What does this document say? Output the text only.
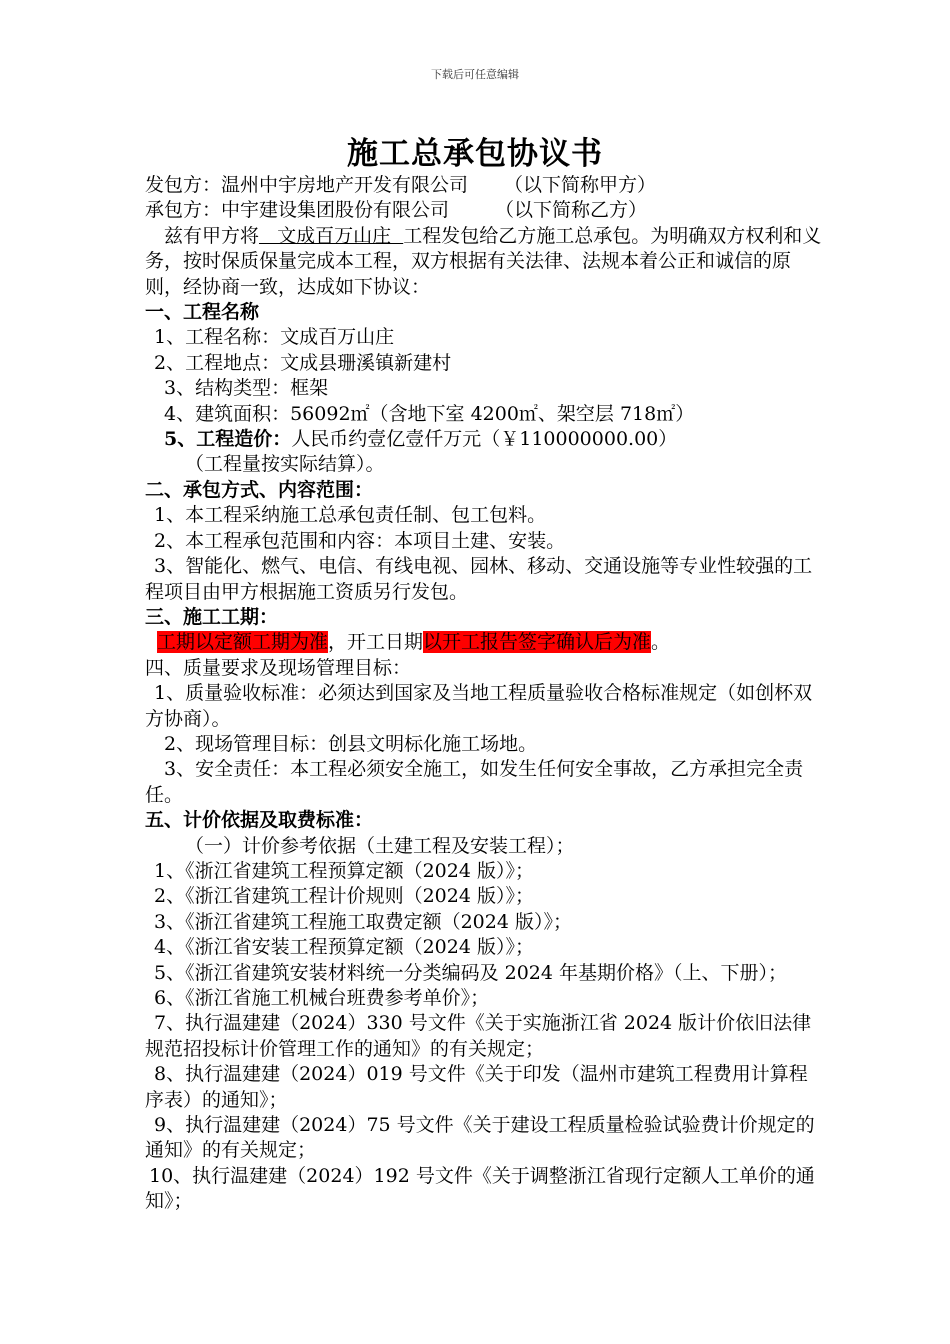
下载后可任意编辑
施工总承包协议书
发包方：温州中宇房地产开发有限公司 （以下简称甲方）
承包方：中宇建设集团股份有限公司 （以下简称乙方）
兹有甲方将   文成百万山庄  工程发包给乙方施工总承包。为明确双方权利和义务，按时保质保量完成本工程，双方根据有关法律、法规本着公正和诚信的原则，经协商一致，达成如下协议：
一、工程名称
1、工程名称：文成百万山庄
2、工程地点：文成县珊溪镇新建村
3、结构类型：框架
4、建筑面积：56092㎡（含地下室 4200㎡、架空层 718㎡）
5、工程造价：人民币约壹亿壹仟万元（￥110000000.00）
（工程量按实际结算）。
二、承包方式、内容范围：
1、本工程采纳施工总承包责任制、包工包料。
2、本工程承包范围和内容：本项目土建、安装。
3、智能化、燃气、电信、有线电视、园林、移动、交通设施等专业性较强的工程项目由甲方根据施工资质另行发包。
三、施工工期：
工期以定额工期为准，开工日期以开工报告签字确认后为准。
四、质量要求及现场管理目标：
1、质量验收标准：必须达到国家及当地工程质量验收合格标准规定（如创杯双方协商）。
2、现场管理目标：创县文明标化施工场地。
3、安全责任：本工程必须安全施工，如发生任何安全事故，乙方承担完全责任。
五、计价依据及取费标准：
（一）计价参考依据（土建工程及安装工程）；
1、《浙江省建筑工程预算定额（2024 版）》；
2、《浙江省建筑工程计价规则（2024 版）》；
3、《浙江省建筑工程施工取费定额（2024 版）》；
4、《浙江省安装工程预算定额（2024 版）》；
5、《浙江省建筑安装材料统一分类编码及 2024 年基期价格》（上、下册）；
6、《浙江省施工机械台班费参考单价》；
7、执行温建建（2024）330 号文件《关于实施浙江省 2024 版计价依旧法律规范招投标计价管理工作的通知》的有关规定；
8、执行温建建（2024）019 号文件《关于印发（温州市建筑工程费用计算程序表）的通知》；
9、执行温建建（2024）75 号文件《关于建设工程质量检验试验费计价规定的通知》的有关规定；
10、执行温建建（2024）192 号文件《关于调整浙江省现行定额人工单价的通知》；
